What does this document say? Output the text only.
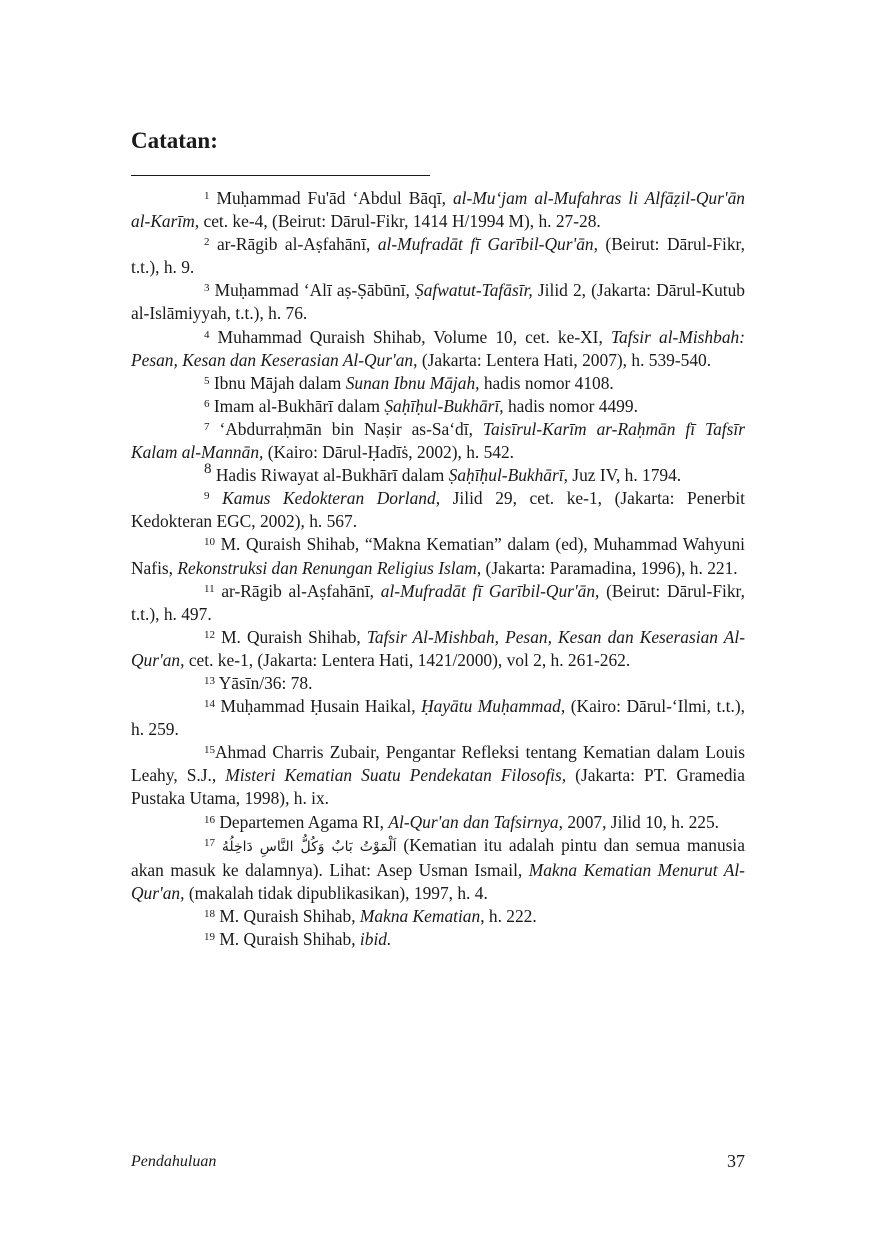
Catatan:

$^1$ Muḥammad Fu'ād ‘Abdul Bāqī, al-Mu‘jam al-Mufahras li Alfāẓil-Qur'ān al-Karīm, cet. ke-4, (Beirut: Dārul-Fikr, 1414 H/1994 M), h. 27-28.

$^2$ ar-Rāgib al-Aṣfahānī, al-Mufradāt fī Garībil-Qur'ān, (Beirut: Dārul-Fikr, t.t.), h. 9.

$^3$ Muḥammad ‘Alī aṣ-Ṣābūnī, Ṣafwatut-Tafāsīr, Jilid 2, (Jakarta: Dārul-Kutub al-Islāmiyyah, t.t.), h. 76.

$^4$ Muhammad Quraish Shihab, Volume 10, cet. ke-XI, Tafsir al-Mishbah: Pesan, Kesan dan Keserasian Al-Qur'an, (Jakarta: Lentera Hati, 2007), h. 539-540.

$^5$ Ibnu Mājah dalam Sunan Ibnu Mājah, hadis nomor 4108.

$^6$ Imam al-Bukhārī dalam Ṣaḥīḥul-Bukhārī, hadis nomor 4499.

$^7$ ‘Abdurraḥmān bin Naṣir as-Sa‘dī, Taisīrul-Karīm ar-Raḥmān fī Tafsīr Kalam al-Mannān, (Kairo: Dārul-Ḥadīṡ, 2002), h. 542.

$^8$ Hadis Riwayat al-Bukhārī dalam Ṣaḥīḥul-Bukhārī, Juz IV, h. 1794.

$^9$ Kamus Kedokteran Dorland, Jilid 29, cet. ke-1, (Jakarta: Penerbit Kedokteran EGC, 2002), h. 567.

$^{10}$ M. Quraish Shihab, “Makna Kematian” dalam (ed), Muhammad Wahyuni Nafis, Rekonstruksi dan Renungan Religius Islam, (Jakarta: Paramadina, 1996), h. 221.

$^{11}$ ar-Rāgib al-Aṣfahānī, al-Mufradāt fī Garībil-Qur'ān, (Beirut: Dārul-Fikr, t.t.), h. 497.

$^{12}$ M. Quraish Shihab, Tafsir Al-Mishbah, Pesan, Kesan dan Keserasian Al-Qur'an, cet. ke-1, (Jakarta: Lentera Hati, 1421/2000), vol 2, h. 261-262.

$^{13}$ Yāsīn/36: 78.

$^{14}$ Muḥammad Ḥusain Haikal, Ḥayātu Muḥammad, (Kairo: Dārul-‘Ilmi, t.t.), h. 259.

$^{15}$Ahmad Charris Zubair, Pengantar Refleksi tentang Kematian dalam Louis Leahy, S.J., Misteri Kematian Suatu Pendekatan Filosofis, (Jakarta: PT. Gramedia Pustaka Utama, 1998), h. ix.

$^{16}$ Departemen Agama RI, Al-Qur'an dan Tafsirnya, 2007, Jilid 10, h. 225.

$^{17}$ اَلْمَوْتُ بَابٌ وَكُلُّ النَّاسِ دَاخِلُهُ (Kematian itu adalah pintu dan semua manusia akan masuk ke dalamnya). Lihat: Asep Usman Ismail, Makna Kematian Menurut Al-Qur'an, (makalah tidak dipublikasikan), 1997, h. 4.

$^{18}$ M. Quraish Shihab, Makna Kematian, h. 222.

$^{19}$ M. Quraish Shihab, ibid.

Pendahuluan	37
